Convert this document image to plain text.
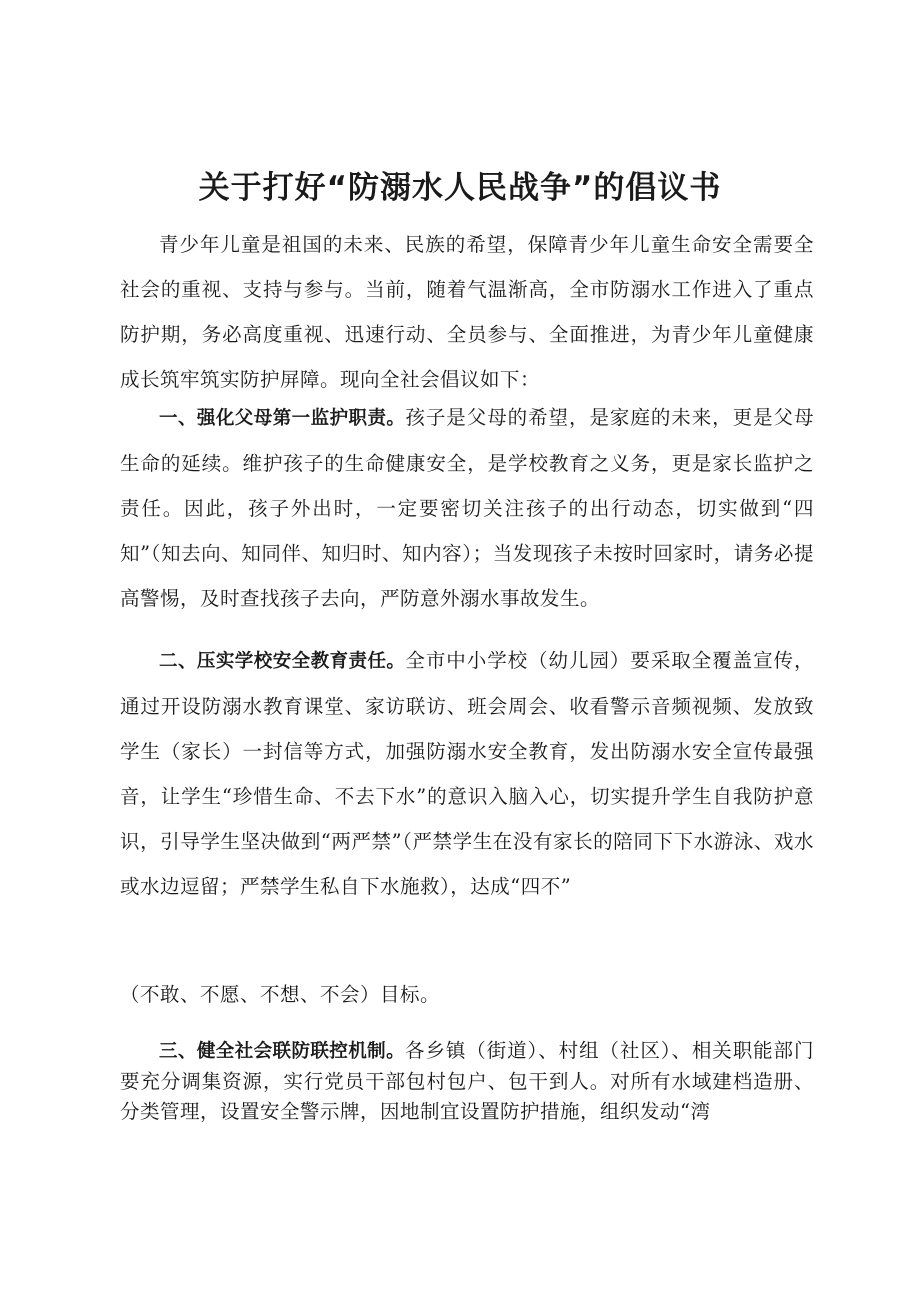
关于打好“防溺水人民战争”的倡议书

青少年儿童是祖国的未来、民族的希望，保障青少年儿童生命安全需要全社会的重视、支持与参与。当前，随着气温渐高，全市防溺水工作进入了重点防护期，务必高度重视、迅速行动、全员参与、全面推进，为青少年儿童健康成长筑牢筑实防护屏障。现向全社会倡议如下：

一、强化父母第一监护职责。孩子是父母的希望，是家庭的未来，更是父母生命的延续。维护孩子的生命健康安全，是学校教育之义务，更是家长监护之责任。因此，孩子外出时，一定要密切关注孩子的出行动态，切实做到“四知”（知去向、知同伴、知归时、知内容）；当发现孩子未按时回家时，请务必提高警惕，及时查找孩子去向，严防意外溺水事故发生。

二、压实学校安全教育责任。全市中小学校（幼儿园）要采取全覆盖宣传，通过开设防溺水教育课堂、家访联访、班会周会、收看警示音频视频、发放致学生（家长）一封信等方式，加强防溺水安全教育，发出防溺水安全宣传最强音，让学生“珍惜生命、不去下水”的意识入脑入心，切实提升学生自我防护意识，引导学生坚决做到“两严禁”（严禁学生在没有家长的陪同下下水游泳、戏水或水边逗留；严禁学生私自下水施救），达成“四不”

（不敢、不愿、不想、不会）目标。

三、健全社会联防联控机制。各乡镇（街道）、村组（社区）、相关职能部门要充分调集资源，实行党员干部包村包户、包干到人。对所有水域建档造册、分类管理，设置安全警示牌，因地制宜设置防护措施，组织发动“湾
